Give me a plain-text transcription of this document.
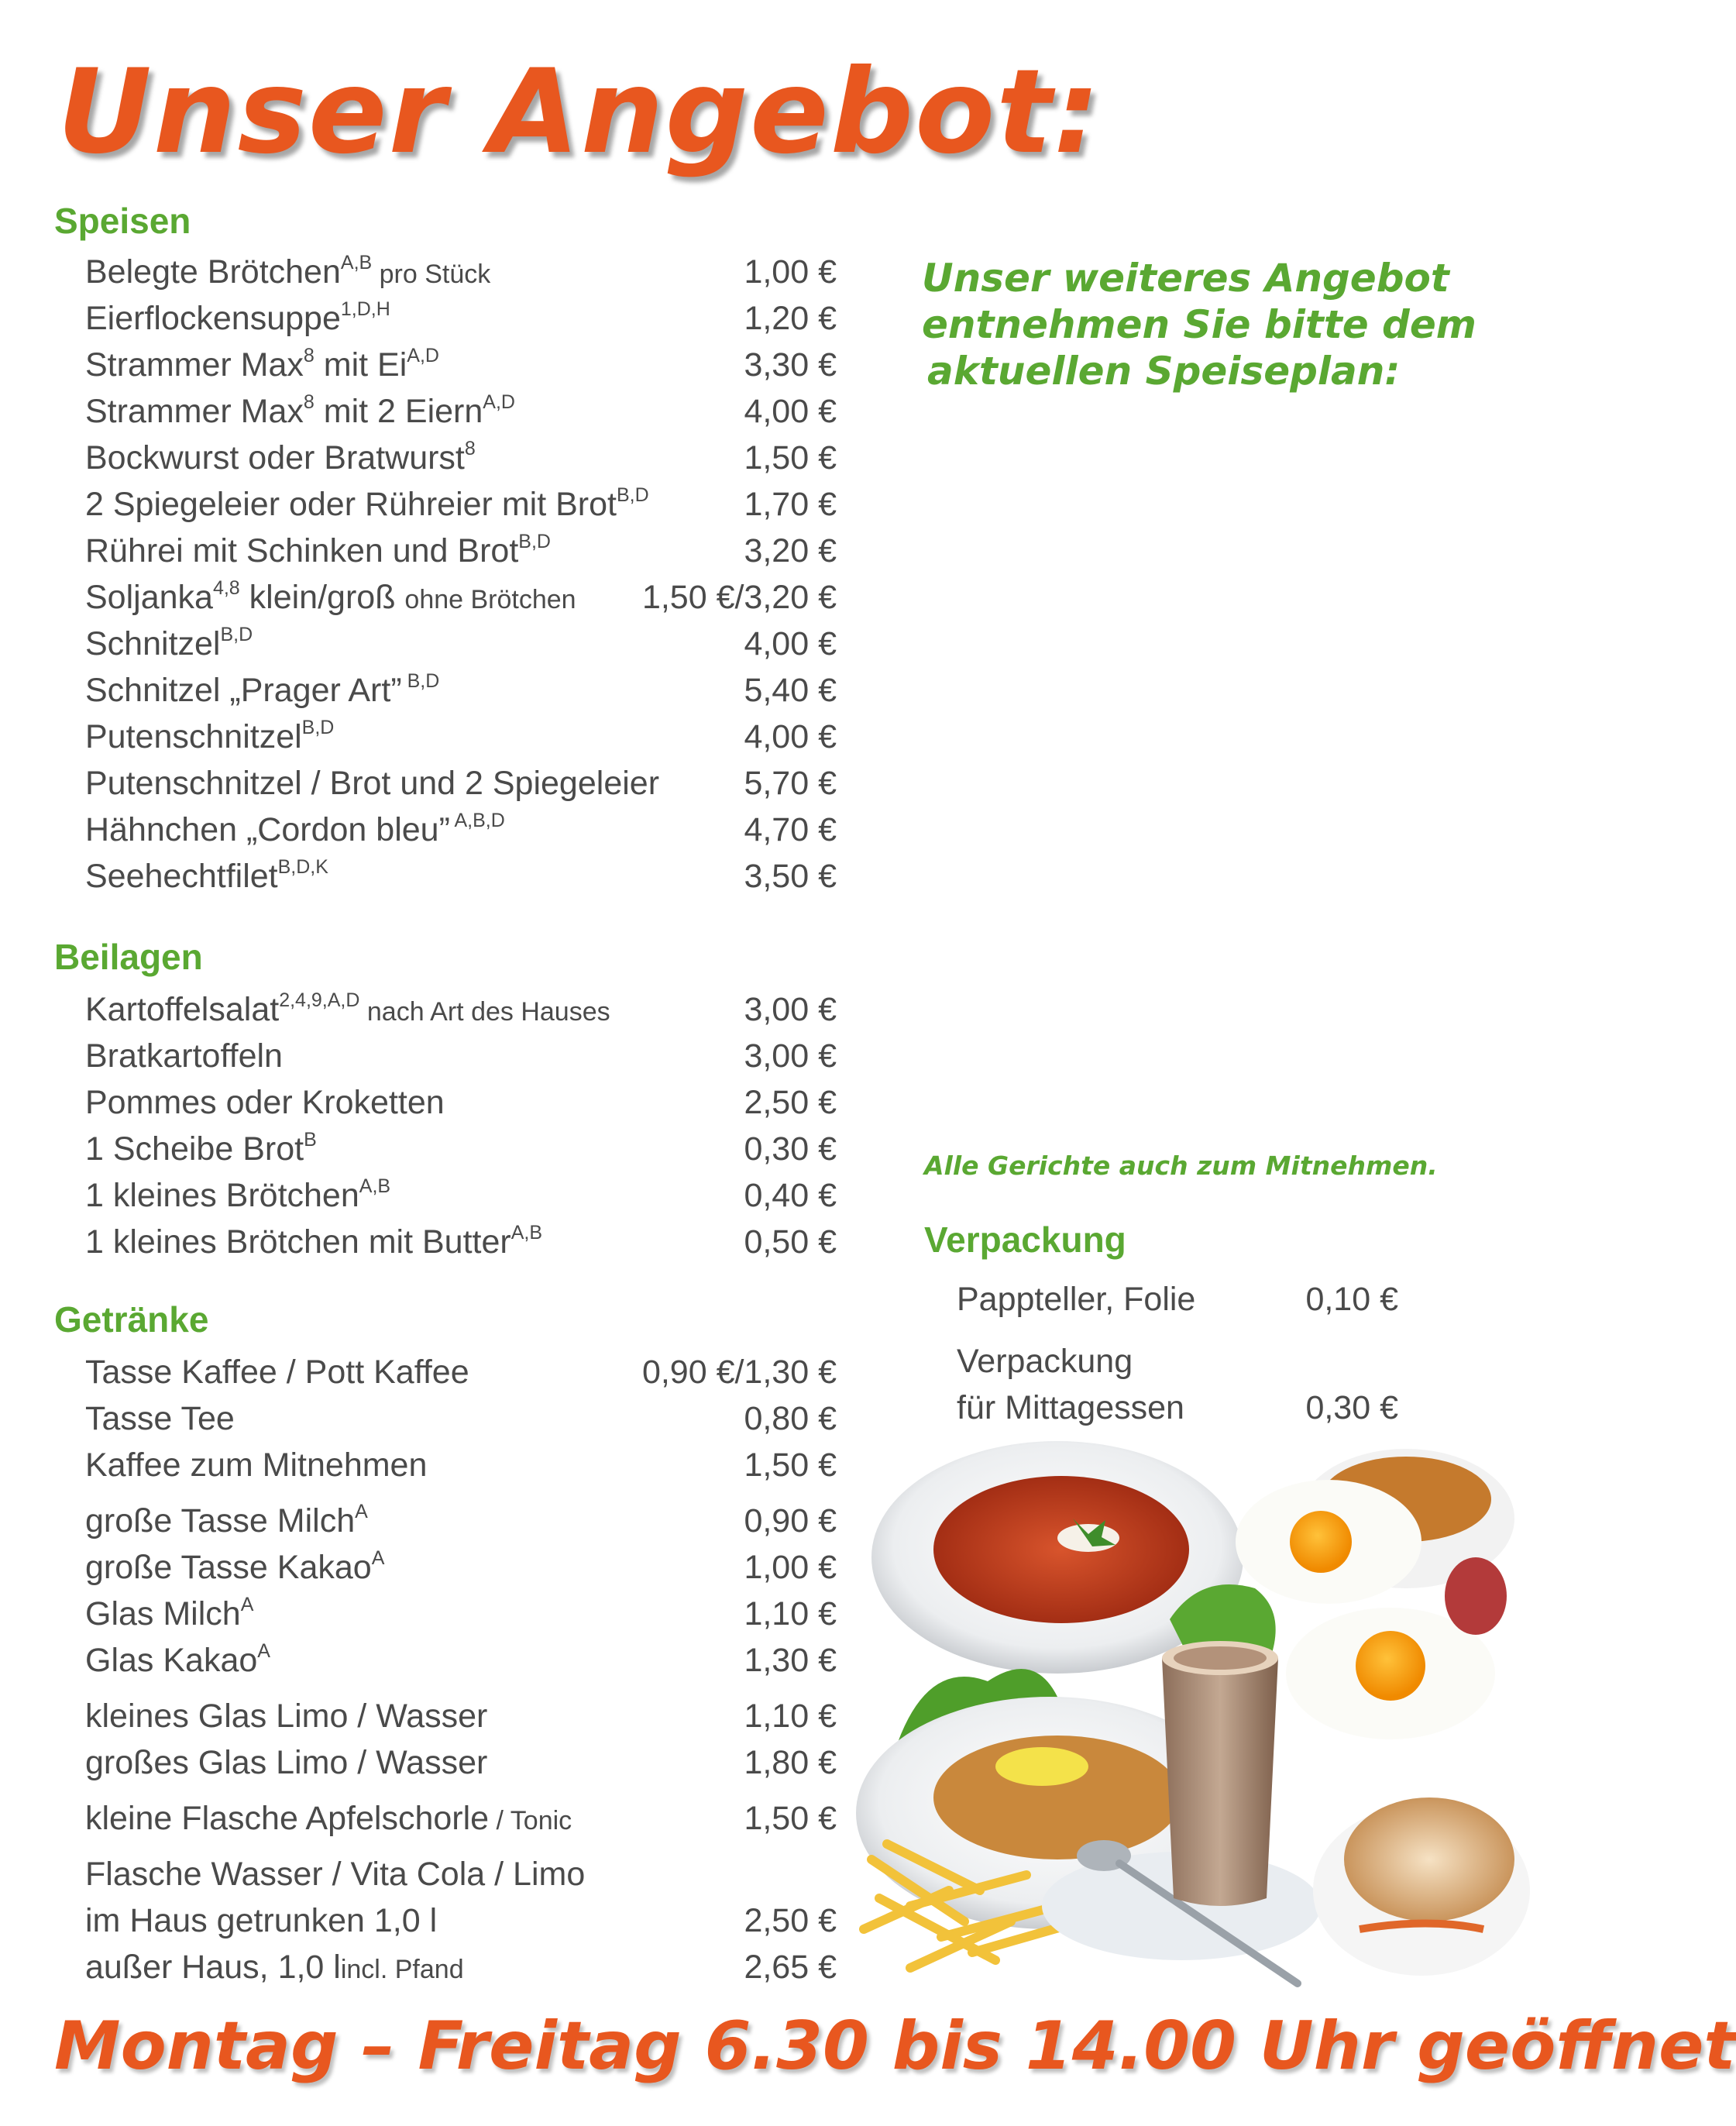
Unser Angebot:
Speisen
Belegte Brötchen$^{A,B}$ pro Stück	1,00 €
Eierflockensuppe$^{1,D,H}$	1,20 €
Strammer Max$^8$ mit $Ei^{A,D}$	3,30 €
Strammer Max$^8$ mit 2 Eiern$^{A,D}$	4,00 €
Bockwurst oder Bratwurst$^8$	1,50 €
2 Spiegeleier oder Rühreier mit Brot$^{B,D}$	1,70 €
Rührei mit Schinken und Brot$^{B,D}$	3,20 €
Soljanka$^{4,8}$ klein/groß ohne Brötchen 1,50 €/3,20 €
Schnitzel$^{B,D}$	4,00 €
Schnitzel „Prager Art” $^{B,D}$	5,40 €
Putenschnitzel$^{B,D}$	4,00 €
Putenschnitzel / Brot und 2 Spiegeleier	5,70 €
Hähnchen „Cordon bleu” $^{A,B,D}$	4,70 €
Seehechtfilet$^{B,D,K}$	3,50 €
Beilagen
Kartoffelsalat$^{2,4,9,A,D}$ nach Art des Hauses	3,00 €
Bratkartoffeln	3,00 €
Pommes oder Kroketten	2,50 €
1 Scheibe Brot$^B$	0,30 €
1 kleines Brötchen$^{A,B}$	0,40 €
1 kleines Brötchen mit Butter$^{A,B}$	0,50 €
Getränke
Tasse Kaffee / Pott Kaffee	0,90 €/1,30 €
Tasse Tee	0,80 €
Kaffee zum Mitnehmen	1,50 €
große Tasse Milch$^A$	0,90 €
große Tasse Kakao$^A$	1,00 €
Glas Milch$^A$	1,10 €
Glas Kakao$^A$	1,30 €
kleines Glas Limo / Wasser	1,10 €
großes Glas Limo / Wasser	1,80 €
kleine Flasche Apfelschorle / Tonic	1,50 €
Flasche Wasser / Vita Cola / Limo
im Haus getrunken 1,0 l	2,50 €
außer Haus, 1,0 lincl. Pfand	2,65 €
Unser weiteres Angebot
entnehmen Sie bitte dem
aktuellen Speiseplan:
Alle Gerichte auch zum Mitnehmen.
Verpackung
Pappteller, Folie	0,10 €
Verpackung
für Mittagessen	0,30 €
Montag – Freitag 6.30 bis 14.00 Uhr geöffnet
